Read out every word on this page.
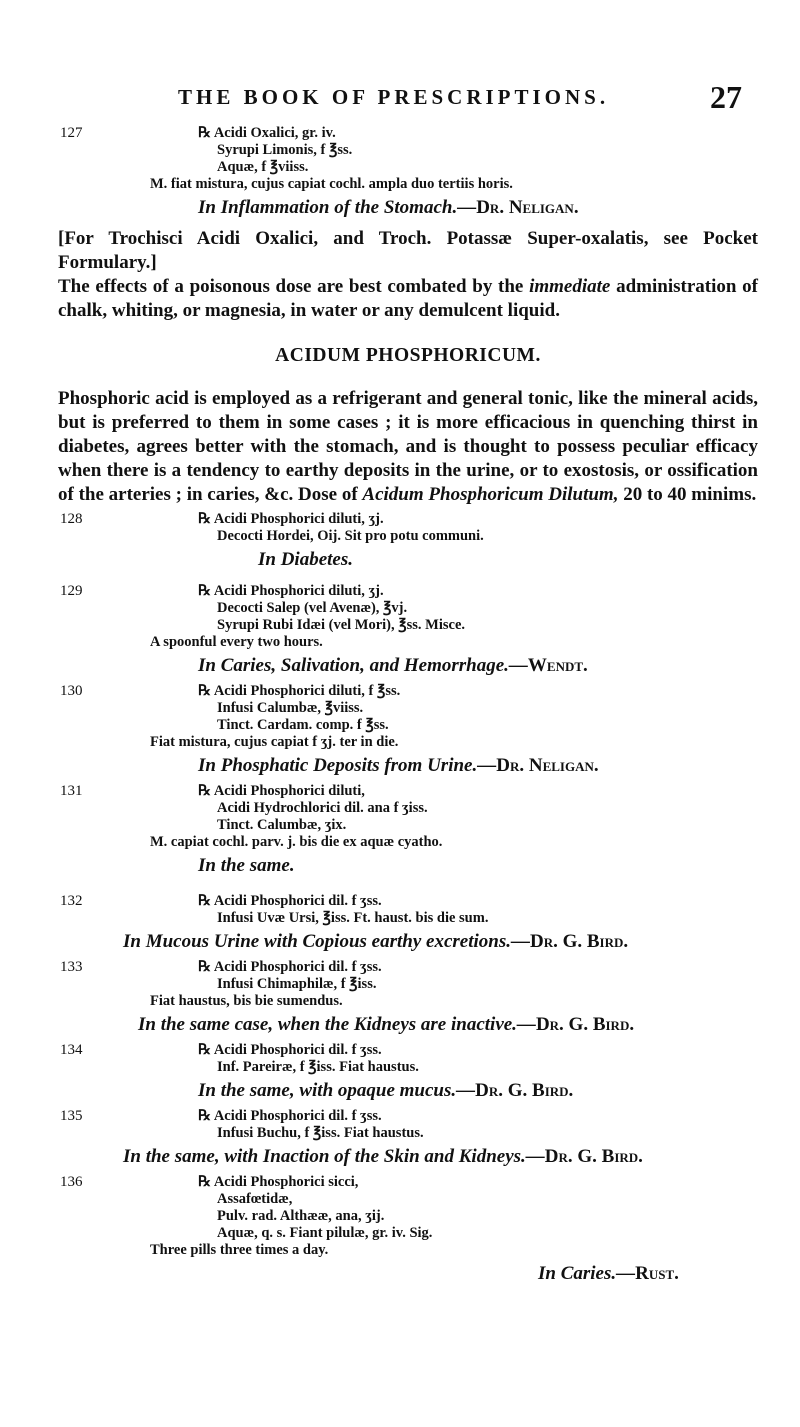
THE BOOK OF PRESCRIPTIONS.	27
127	℞ Acidi Oxalici, gr. iv.
Syrupi Limonis, f ℥ss.
Aquæ, f ℥viiss.
M. fiat mistura, cujus capiat cochl. ampla duo tertiis horis.
In Inflammation of the Stomach.—Dr. Neligan.
[For Trochisci Acidi Oxalici, and Troch. Potassæ Super-oxalatis, see Pocket Formulary.]
The effects of a poisonous dose are best combated by the immediate administration of chalk, whiting, or magnesia, in water or any demulcent liquid.
ACIDUM PHOSPHORICUM.
Phosphoric acid is employed as a refrigerant and general tonic, like the mineral acids, but is preferred to them in some cases ; it is more efficacious in quenching thirst in diabetes, agrees better with the stomach, and is thought to possess peculiar efficacy when there is a tendency to earthy deposits in the urine, or to exostosis, or ossification of the arteries ; in caries, &c. Dose of Acidum Phosphoricum Dilutum, 20 to 40 minims.
128	℞ Acidi Phosphorici diluti, ʒj.
Decocti Hordei, Oij. Sit pro potu communi.
In Diabetes.
129	℞ Acidi Phosphorici diluti, ʒj.
Decocti Salep (vel Avenæ), ℥vj.
Syrupi Rubi Idæi (vel Mori), ℥ss. Misce.
A spoonful every two hours.
In Caries, Salivation, and Hemorrhage.—Wendt.
130	℞ Acidi Phosphorici diluti, f ℥ss.
Infusi Calumbæ, ℥viiss.
Tinct. Cardam. comp. f ℥ss.
Fiat mistura, cujus capiat f ʒj. ter in die.
In Phosphatic Deposits from Urine.—Dr. Neligan.
131	℞ Acidi Phosphorici diluti,
Acidi Hydrochlorici dil. ana f ʒiss.
Tinct. Calumbæ, ʒix.
M. capiat cochl. parv. j. bis die ex aquæ cyatho.
In the same.
132	℞ Acidi Phosphorici dil. f ʒss.
Infusi Uvæ Ursi, ℥iss. Ft. haust. bis die sum.
In Mucous Urine with Copious earthy excretions.—Dr. G. Bird.
133	℞ Acidi Phosphorici dil. f ʒss.
Infusi Chimaphilæ, f ℥iss.
Fiat haustus, bis bie sumendus.
In the same case, when the Kidneys are inactive.—Dr. G. Bird.
134	℞ Acidi Phosphorici dil. f ʒss.
Inf. Pareiræ, f ℥iss. Fiat haustus.
In the same, with opaque mucus.—Dr. G. Bird.
135	℞ Acidi Phosphorici dil. f ʒss.
Infusi Buchu, f ℥iss. Fiat haustus.
In the same, with Inaction of the Skin and Kidneys.—Dr. G. Bird.
136	℞ Acidi Phosphorici sicci,
Assafœtidæ,
Pulv. rad. Althææ, ana, ʒij.
Aquæ, q. s. Fiant pilulæ, gr. iv. Sig.
Three pills three times a day.
In Caries.—Rust.
